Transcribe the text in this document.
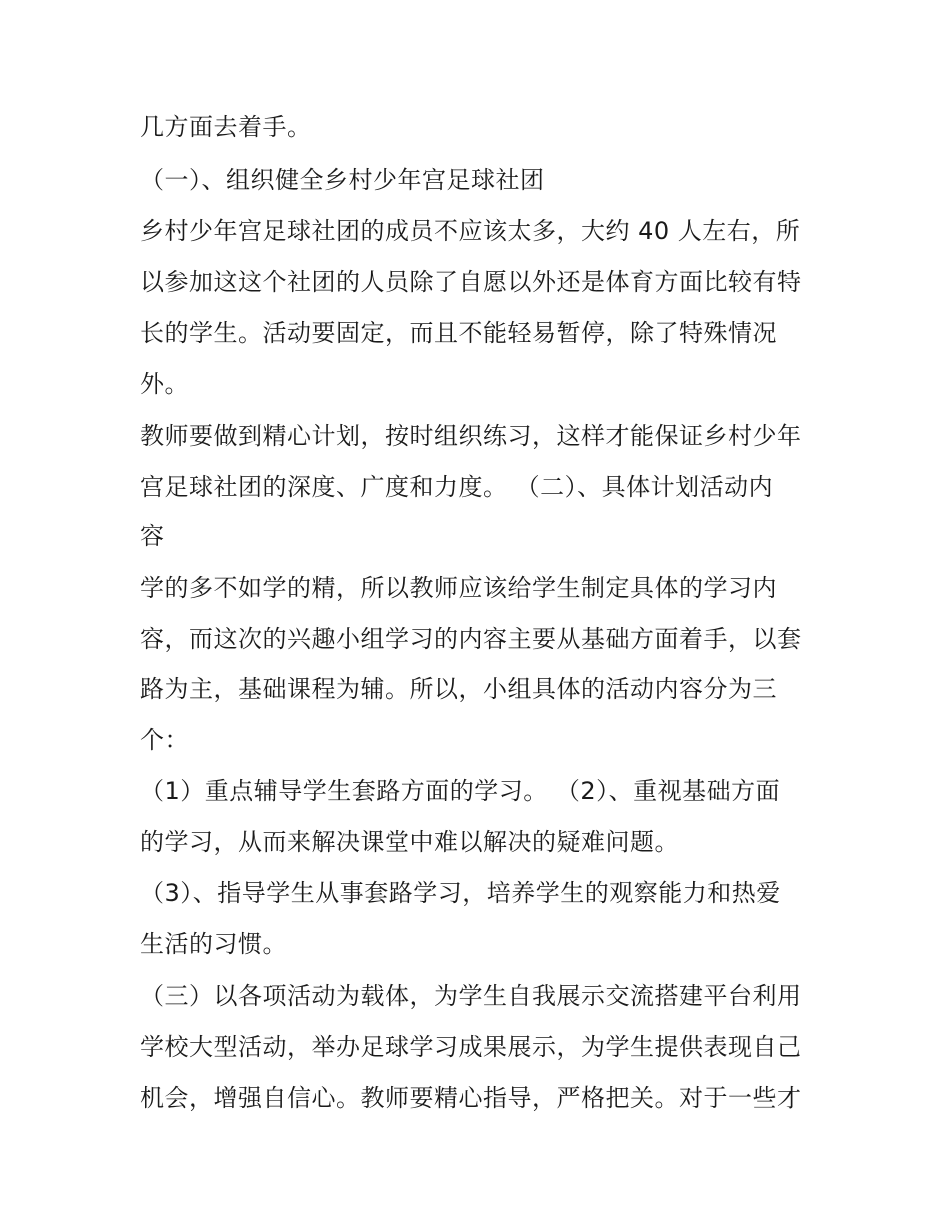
几方面去着手。
（一）、组织健全乡村少年宫足球社团
乡村少年宫足球社团的成员不应该太多，大约 40 人左右，所
以参加这这个社团的人员除了自愿以外还是体育方面比较有特
长的学生。活动要固定，而且不能轻易暂停，除了特殊情况
外。
教师要做到精心计划，按时组织练习，这样才能保证乡村少年
宫足球社团的深度、广度和力度。 （二）、具体计划活动内
容
学的多不如学的精，所以教师应该给学生制定具体的学习内
容，而这次的兴趣小组学习的内容主要从基础方面着手，以套
路为主，基础课程为辅。所以，小组具体的活动内容分为三
个：
（1）重点辅导学生套路方面的学习。 （2）、重视基础方面
的学习，从而来解决课堂中难以解决的疑难问题。
（3）、指导学生从事套路学习，培养学生的观察能力和热爱
生活的习惯。
（三）以各项活动为载体，为学生自我展示交流搭建平台利用
学校大型活动，举办足球学习成果展示，为学生提供表现自己
机会，增强自信心。教师要精心指导，严格把关。对于一些才
